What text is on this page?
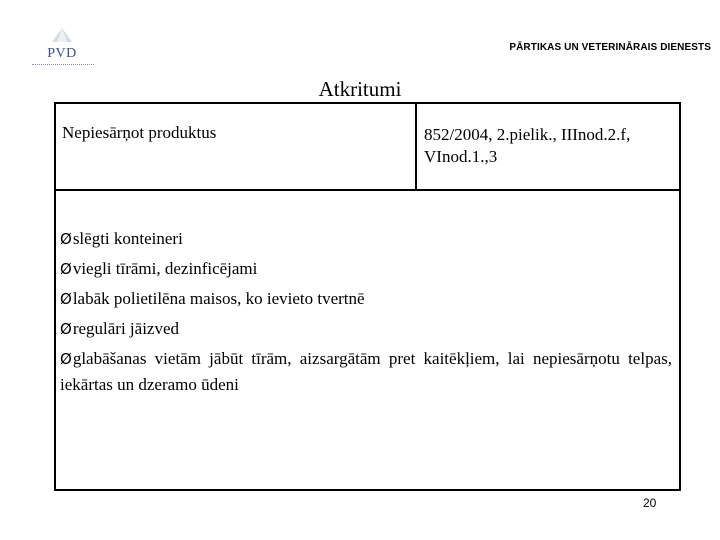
PVD	PĀRTIKAS UN VETERINĀRAIS DIENESTS
Atkritumi
Nepiesārņot produktus	852/2004, 2.pielik., IIInod.2.f, VInod.1.,3
Øslēgti konteineri
Øviegli tīrāmi, dezinficējami
Ølabāk polietilēna maisos, ko ievieto tvertnē
Øregulāri jāizved
Øglabāšanas vietām jābūt tīrām, aizsargātām pret kaitēkļiem, lai nepiesārņotu telpas, iekārtas un dzeramo ūdeni
20
